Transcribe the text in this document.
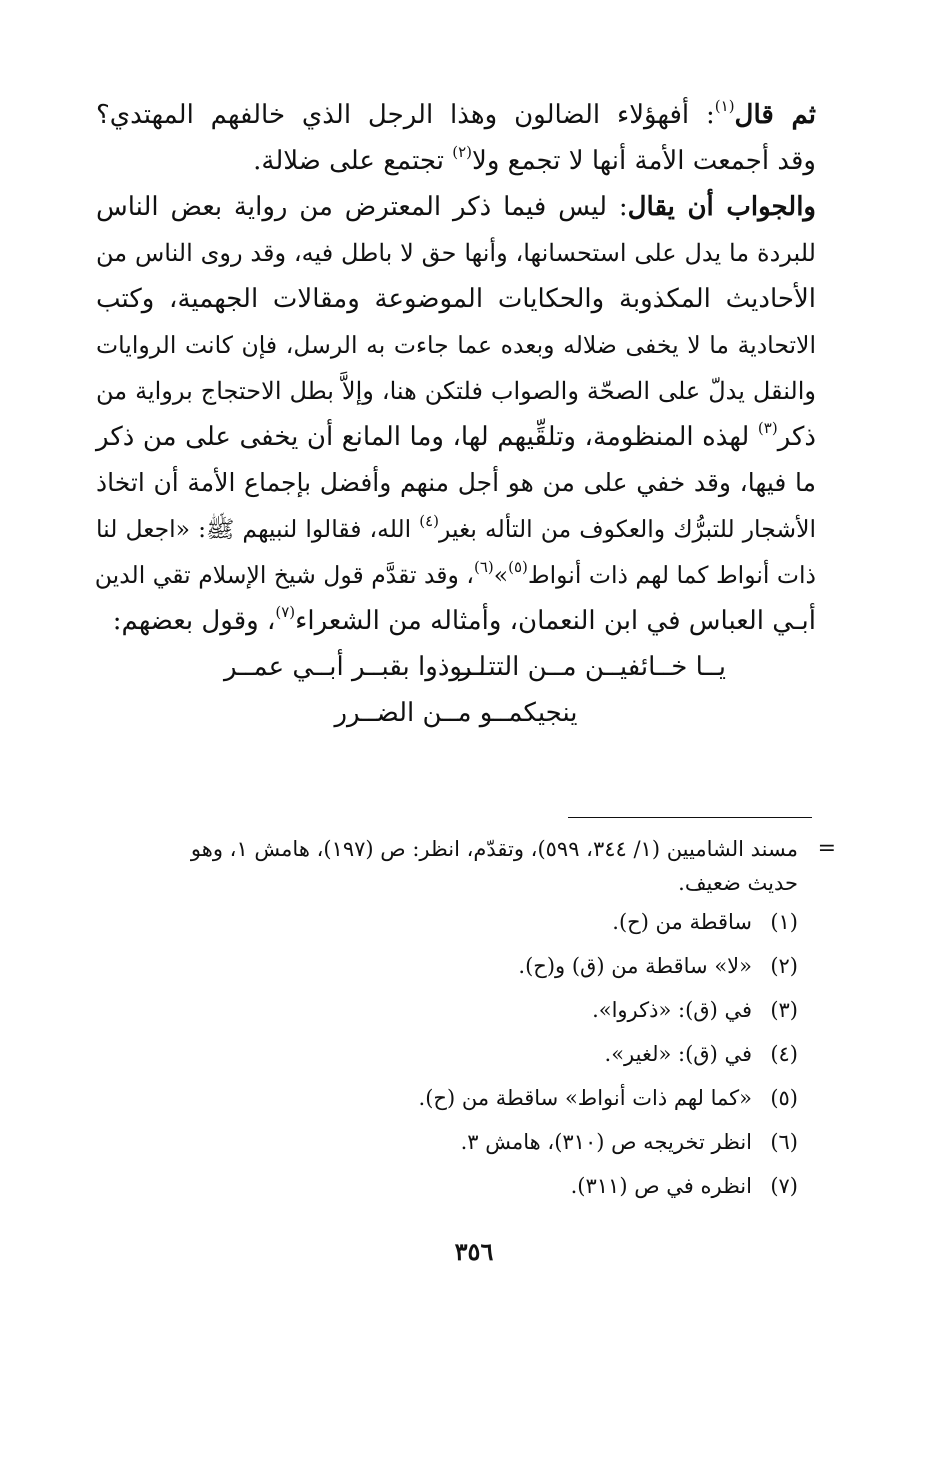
ثم قال$^{(١)}$: أفهؤلاء الضالون وهذا الرجل الذي خالفهم المهتدي؟
وقد أجمعت الأمة أنها لا تجمع ولا$^{(٢)}$ تجتمع على ضلالة.
والجواب أن يقال: ليس فيما ذكر المعترض من رواية بعض الناس
للبردة ما يدل على استحسانها، وأنها حق لا باطل فيه، وقد روى الناس من
الأحاديث المكذوبة والحكايات الموضوعة ومقالات الجهمية، وكتب
الاتحادية ما لا يخفى ضلاله وبعده عما جاءت به الرسل، فإن كانت الروايات
والنقل يدلّ على الصحّة والصواب فلتكن هنا، وإلاَّ بطل الاحتجاج برواية من
ذكر$^{(٣)}$ لهذه المنظومة، وتلقِّيهم لها، وما المانع أن يخفى على من ذكر
ما فيها، وقد خفي على من هو أجل منهم وأفضل بإجماع الأمة أن اتخاذ
الأشجار للتبرُّك والعكوف من التأله بغير$^{(٤)}$ الله، فقالوا لنبيهم ﷺ: «اجعل لنا
ذات أنواط كما لهم ذات أنواط$^{(٥)}$»$^{(٦)}$، وقد تقدَّم قول شيخ الإسلام تقي الدين
أبـي العباس في ابن النعمان، وأمثاله من الشعراء$^{(٧)}$، وقول بعضهم:
يــا خــائفيــن مــن التتــر
لــوذوا بقبــر أبــي عمــر
ينجيكمــو مــن الضــرر
=
مسند الشاميين (١/ ٣٤٤، ٥٩٩)، وتقدّم، انظر: ص (١٩٧)، هامش ١، وهو
حديث ضعيف.
(١)ساقطة من (ح).
(٢)«لا» ساقطة من (ق) و(ح).
(٣)في (ق): «ذكروا».
(٤)في (ق): «لغير».
(٥)«كما لهم ذات أنواط» ساقطة من (ح).
(٦)انظر تخريجه ص (٣١٠)، هامش ٣.
(٧)انظره في ص (٣١١).
٣٥٦
